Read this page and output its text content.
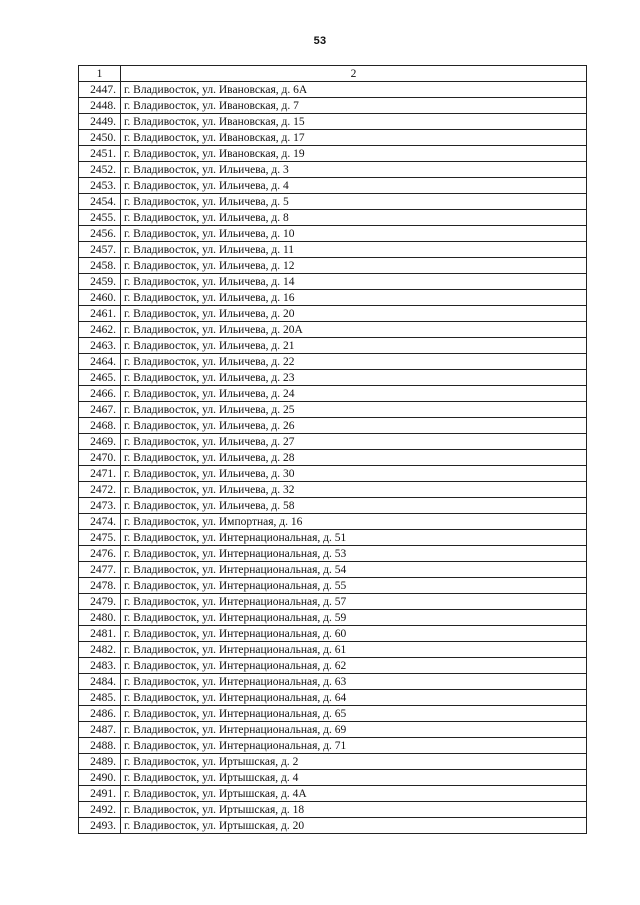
53
1	2
2447.	г. Владивосток, ул. Ивановская, д. 6А
2448.	г. Владивосток, ул. Ивановская, д. 7
2449.	г. Владивосток, ул. Ивановская, д. 15
2450.	г. Владивосток, ул. Ивановская, д. 17
2451.	г. Владивосток, ул. Ивановская, д. 19
2452.	г. Владивосток, ул. Ильичева, д. 3
2453.	г. Владивосток, ул. Ильичева, д. 4
2454.	г. Владивосток, ул. Ильичева, д. 5
2455.	г. Владивосток, ул. Ильичева, д. 8
2456.	г. Владивосток, ул. Ильичева, д. 10
2457.	г. Владивосток, ул. Ильичева, д. 11
2458.	г. Владивосток, ул. Ильичева, д. 12
2459.	г. Владивосток, ул. Ильичева, д. 14
2460.	г. Владивосток, ул. Ильичева, д. 16
2461.	г. Владивосток, ул. Ильичева, д. 20
2462.	г. Владивосток, ул. Ильичева, д. 20А
2463.	г. Владивосток, ул. Ильичева, д. 21
2464.	г. Владивосток, ул. Ильичева, д. 22
2465.	г. Владивосток, ул. Ильичева, д. 23
2466.	г. Владивосток, ул. Ильичева, д. 24
2467.	г. Владивосток, ул. Ильичева, д. 25
2468.	г. Владивосток, ул. Ильичева, д. 26
2469.	г. Владивосток, ул. Ильичева, д. 27
2470.	г. Владивосток, ул. Ильичева, д. 28
2471.	г. Владивосток, ул. Ильичева, д. 30
2472.	г. Владивосток, ул. Ильичева, д. 32
2473.	г. Владивосток, ул. Ильичева, д. 58
2474.	г. Владивосток, ул. Импортная, д. 16
2475.	г. Владивосток, ул. Интернациональная, д. 51
2476.	г. Владивосток, ул. Интернациональная, д. 53
2477.	г. Владивосток, ул. Интернациональная, д. 54
2478.	г. Владивосток, ул. Интернациональная, д. 55
2479.	г. Владивосток, ул. Интернациональная, д. 57
2480.	г. Владивосток, ул. Интернациональная, д. 59
2481.	г. Владивосток, ул. Интернациональная, д. 60
2482.	г. Владивосток, ул. Интернациональная, д. 61
2483.	г. Владивосток, ул. Интернациональная, д. 62
2484.	г. Владивосток, ул. Интернациональная, д. 63
2485.	г. Владивосток, ул. Интернациональная, д. 64
2486.	г. Владивосток, ул. Интернациональная, д. 65
2487.	г. Владивосток, ул. Интернациональная, д. 69
2488.	г. Владивосток, ул. Интернациональная, д. 71
2489.	г. Владивосток, ул. Иртышская, д. 2
2490.	г. Владивосток, ул. Иртышская, д. 4
2491.	г. Владивосток, ул. Иртышская, д. 4А
2492.	г. Владивосток, ул. Иртышская, д. 18
2493.	г. Владивосток, ул. Иртышская, д. 20
